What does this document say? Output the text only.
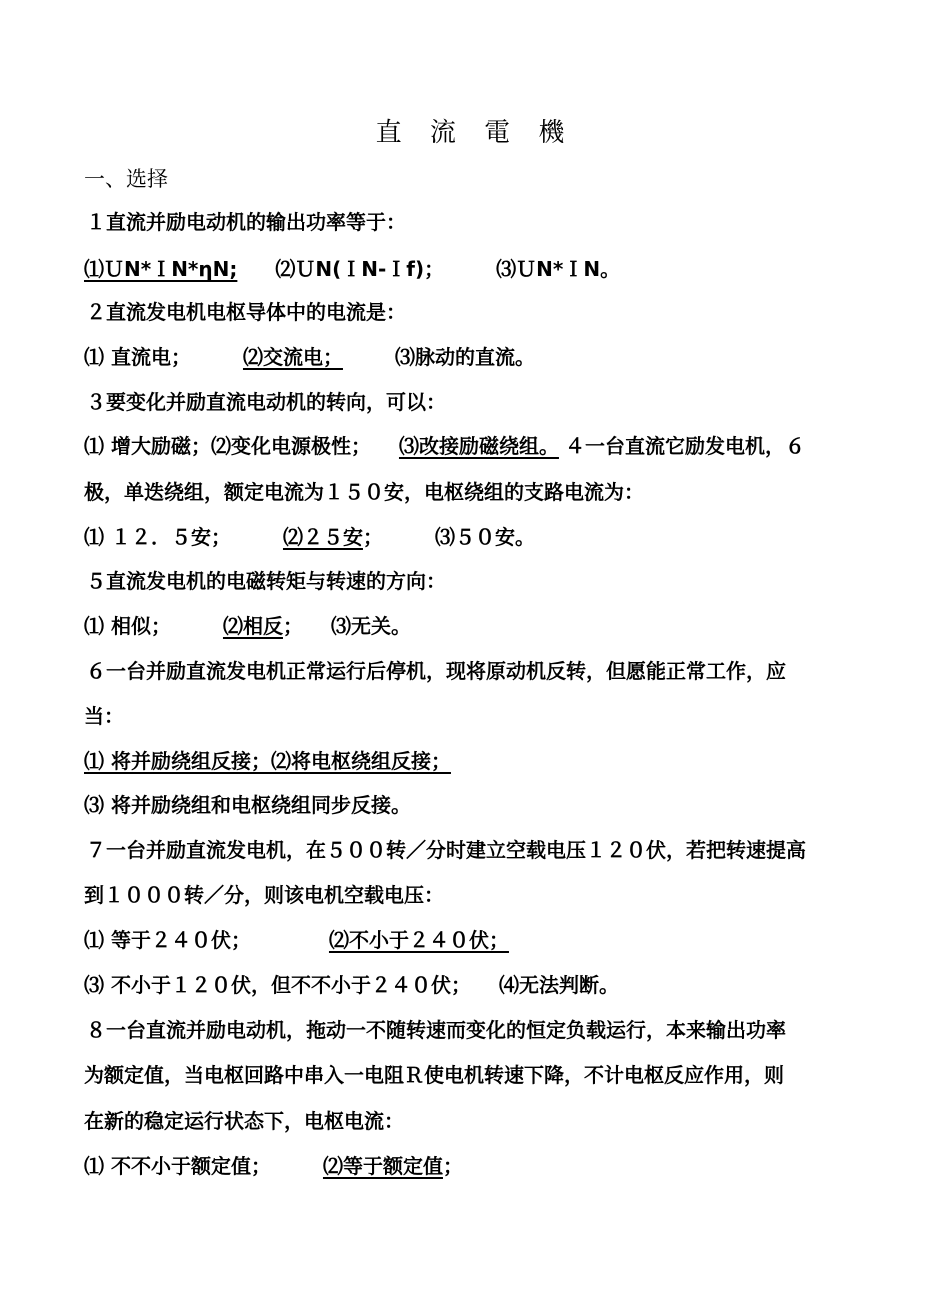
直 流 電 機
一、选择
１直流并励电动机的输出功率等于：
⑴ＵN*ＩN*ηN; ⑵ＵN(ＩN-Ｉf)；	⑶ＵN*ＩN。
２直流发电机电枢导体中的电流是：
⑴ 直流电；	⑵交流电；	⑶脉动的直流。
３要变化并励直流电动机的转向，可以：
⑴ 增大励磁；⑵变化电源极性； ⑶改接励磁绕组。 ４一台直流它励发电机，６
极，单迭绕组，额定电流为１５０安，电枢绕组的支路电流为：
⑴ １２．５安；	⑵２５安；	⑶５０安。
５直流发电机的电磁转矩与转速的方向：
⑴ 相似；	⑵相反； ⑶无关。
６一台并励直流发电机正常运行后停机，现将原动机反转，但愿能正常工作，应
当：
⑴ 将并励绕组反接；⑵将电枢绕组反接；
⑶ 将并励绕组和电枢绕组同步反接。
７一台并励直流发电机，在５００转／分时建立空载电压１２０伏，若把转速提高
到１０００转／分，则该电机空载电压：
⑴ 等于２４０伏；	⑵不小于２４０伏；
⑶ 不小于１２０伏，但不不小于２４０伏； ⑷无法判断。
８一台直流并励电动机，拖动一不随转速而变化的恒定负载运行，本来输出功率
为额定值，当电枢回路中串入一电阻Ｒ使电机转速下降，不计电枢反应作用，则
在新的稳定运行状态下，电枢电流：
⑴ 不不小于额定值；	⑵等于额定值；
